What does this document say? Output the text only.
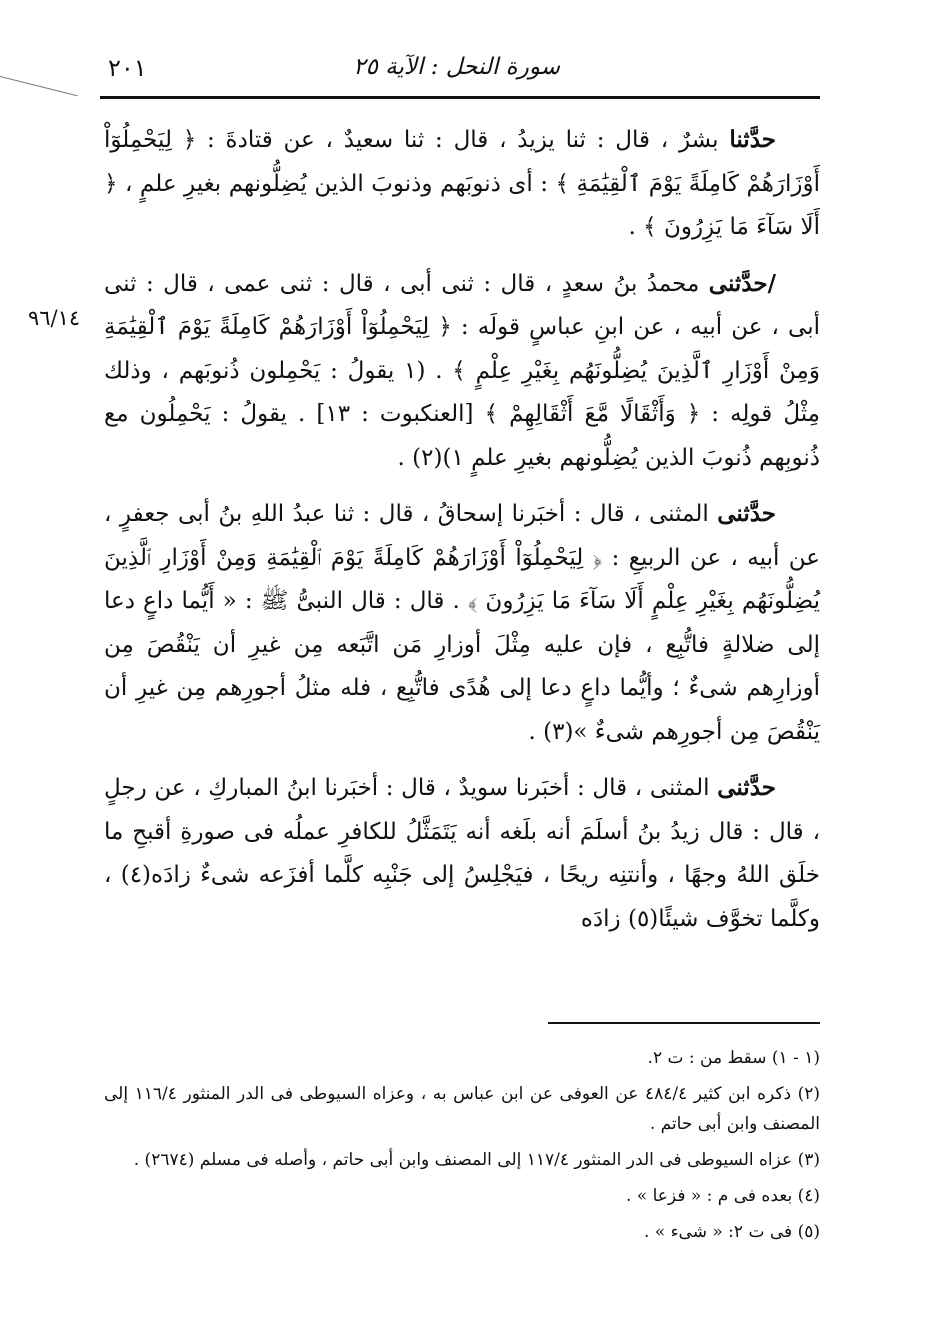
سورة النحل : الآية ٢٥
٢٠١
٩٦/١٤

حدَّثنا بشرٌ ، قال : ثنا يزيدُ ، قال : ثنا سعيدٌ ، عن قتادةَ : ﴿ لِيَحْمِلُوٓاْ أَوْزَارَهُمْ كَامِلَةً يَوْمَ ٱلْقِيَٰمَةِ ﴾ : أى ذنوبَهم وذنوبَ الذين يُضِلُّونهم بغيرِ علمٍ ، ﴿ أَلَا سَآءَ مَا يَزِرُونَ ﴾ .

/حدَّثنى محمدُ بنُ سعدٍ ، قال : ثنى أبى ، قال : ثنى عمى ، قال : ثنى أبى ، عن أبيه ، عن ابنِ عباسٍ قولَه : ﴿ لِيَحْمِلُوٓاْ أَوْزَارَهُمْ كَامِلَةً يَوْمَ ٱلْقِيَٰمَةِ وَمِنْ أَوْزَارِ ٱلَّذِينَ يُضِلُّونَهُم بِغَيْرِ عِلْمٍ ﴾ . (١ يقولُ : يَحْمِلون ذُنوبَهم ، وذلك مِثْلُ قولِه : ﴿ وَأَثْقَالًا مَّعَ أَثْقَالِهِمْ ﴾ [العنكبوت : ١٣] . يقولُ : يَحْمِلُون مع ذُنوبِهم ذُنوبَ الذين يُضِلُّونهم بغيرِ علمٍ ١)(٢) .

حدَّثنى المثنى ، قال : أخبَرنا إسحاقُ ، قال : ثنا عبدُ اللهِ بنُ أبى جعفرٍ ، عن أبيه ، عن الربيعِ : ﴿ لِيَحْمِلُوٓاْ أَوْزَارَهُمْ كَامِلَةً يَوْمَ ٱلْقِيَٰمَةِ وَمِنْ أَوْزَارِ ٱلَّذِينَ يُضِلُّونَهُم بِغَيْرِ عِلْمٍ أَلَا سَآءَ مَا يَزِرُونَ ﴾ . قال : قال النبىُّ ﷺ : « أَيُّما داعٍ دعا إلى ضلالةٍ فاتُّبِع ، فإن عليه مِثْلَ أوزارِ مَن اتَّبَعه مِن غيرِ أن يَنْقُصَ مِن أوزارِهم شىءٌ ؛ وأيُّما داعٍ دعا إلى هُدًى فاتُّبِع ، فله مثلُ أجورِهم مِن غيرِ أن يَنْقُصَ مِن أجورِهم شىءٌ »(٣) .

حدَّثنى المثنى ، قال : أخبَرنا سويدٌ ، قال : أخبَرنا ابنُ المباركِ ، عن رجلٍ ، قال : قال زيدُ بنُ أسلَمَ أنه بلَغه أنه يَتَمَثَّلُ للكافرِ عملُه فى صورةِ أقبحِ ما خلَق اللهُ وجهًا ، وأنتنِه ريحًا ، فيَجْلِسُ إلى جَنْبِه كلَّما أفزَعه شىءٌ زادَه(٤) ، وكلَّما تخوَّف شيئًا(٥) زادَه

(١ - ١) سقط من : ت ٢.

(٢) ذكره ابن كثير ٤٨٤/٤ عن العوفى عن ابن عباس به ، وعزاه السيوطى فى الدر المنثور ١١٦/٤ إلى المصنف وابن أبى حاتم .

(٣) عزاه السيوطى فى الدر المنثور ١١٧/٤ إلى المصنف وابن أبى حاتم ، وأصله فى مسلم (٢٦٧٤) .

(٤) بعده فى م : « فزعا » .

(٥) فى ت ٢: « شىء » .
